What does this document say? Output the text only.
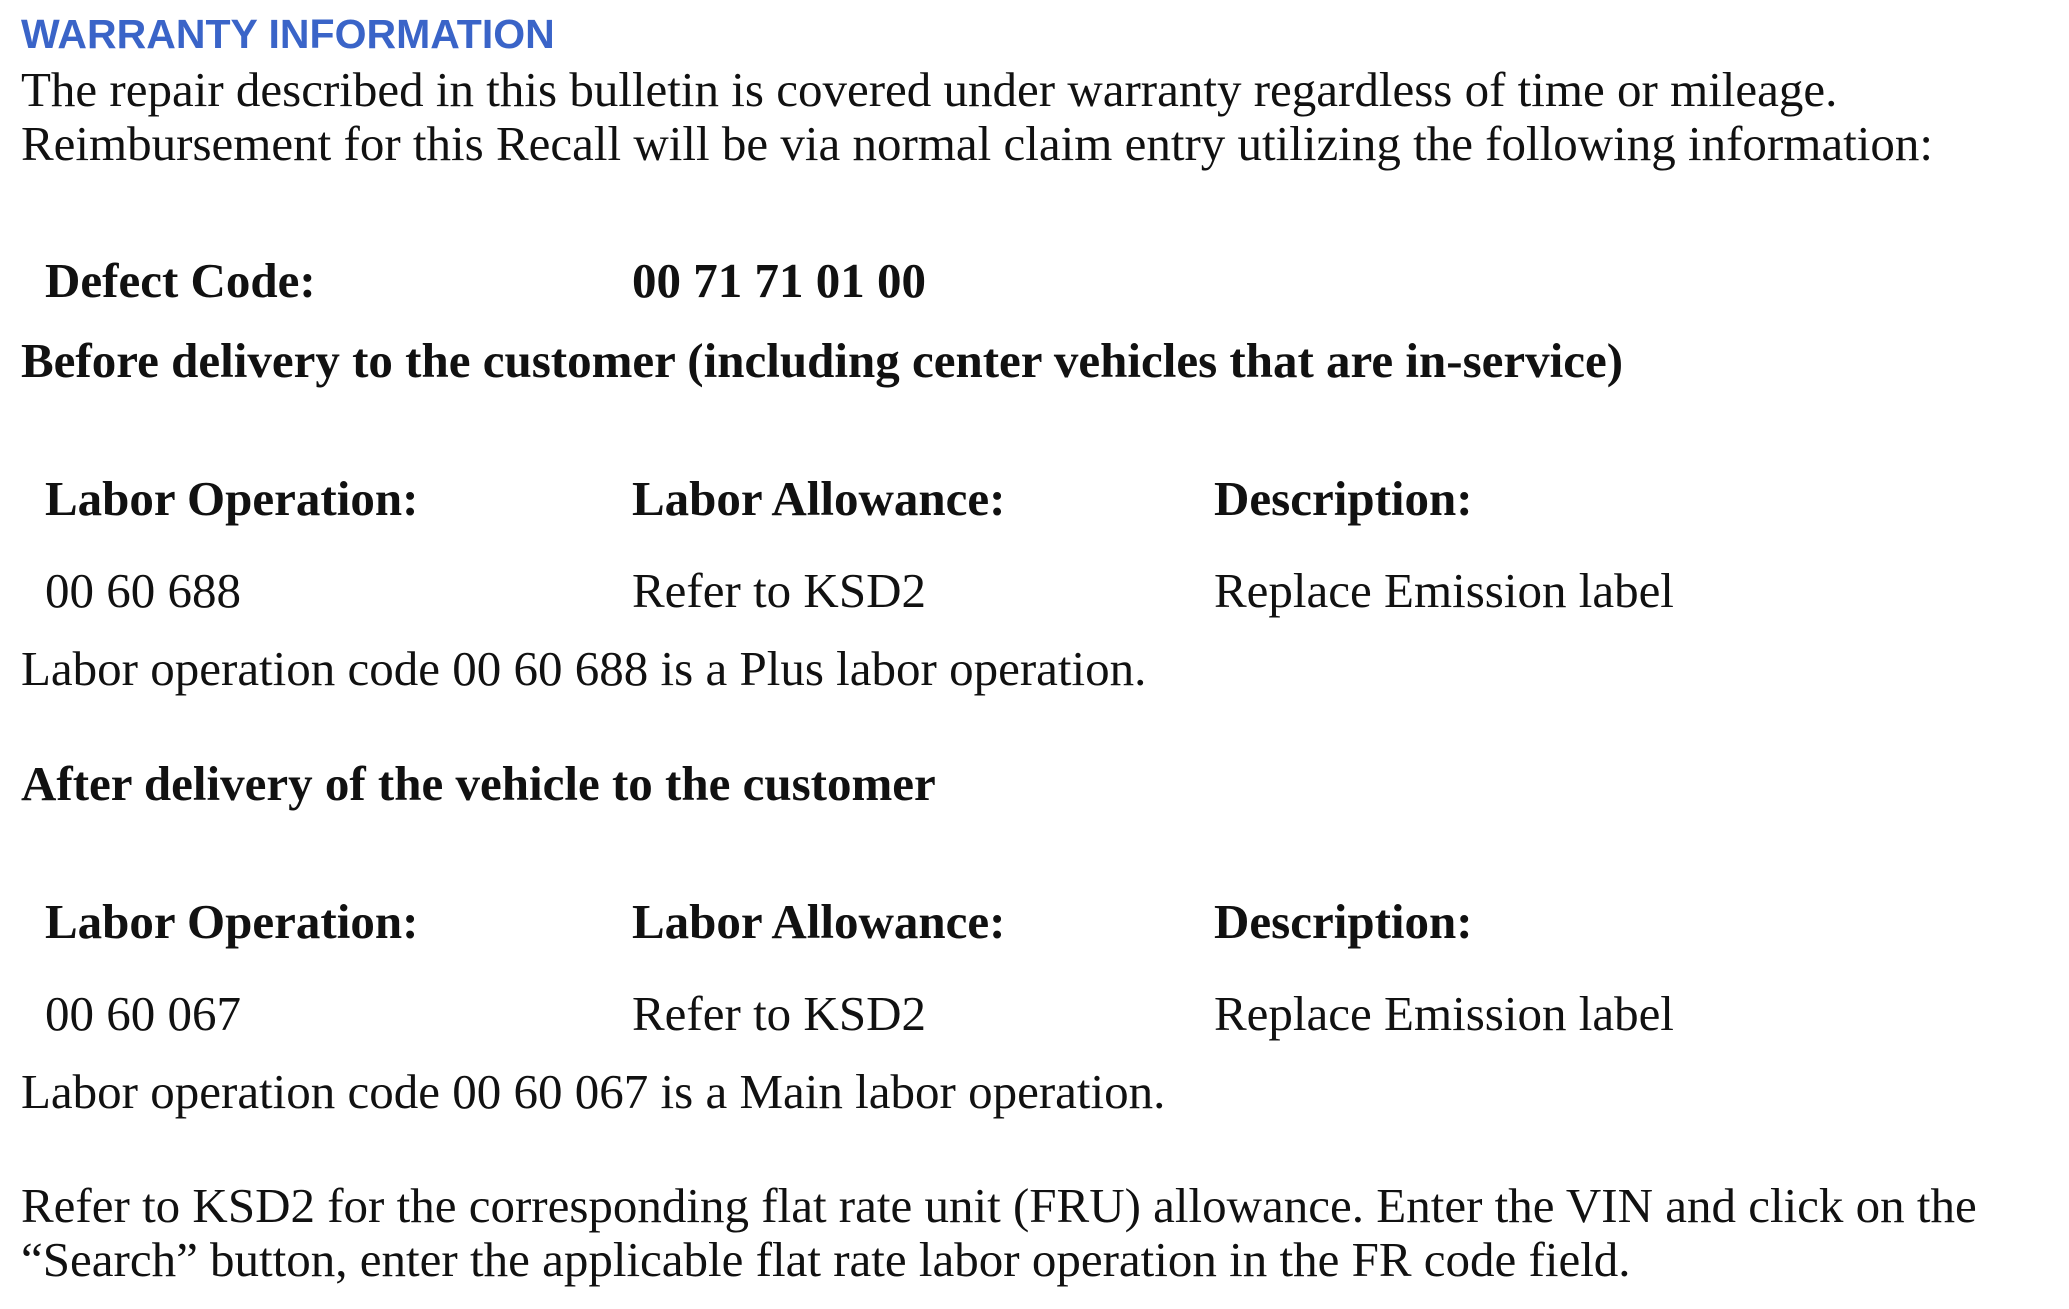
WARRANTY INFORMATION
The repair described in this bulletin is covered under warranty regardless of time or mileage.
Reimbursement for this Recall will be via normal claim entry utilizing the following information:
Defect Code:	00 71 71 01 00
Before delivery to the customer (including center vehicles that are in-service)
Labor Operation:	Labor Allowance:	Description:
00 60 688	Refer to KSD2	Replace Emission label
Labor operation code 00 60 688 is a Plus labor operation.
After delivery of the vehicle to the customer
Labor Operation:	Labor Allowance:	Description:
00 60 067	Refer to KSD2	Replace Emission label
Labor operation code 00 60 067 is a Main labor operation.
Refer to KSD2 for the corresponding flat rate unit (FRU) allowance. Enter the VIN and click on the
“Search” button, enter the applicable flat rate labor operation in the FR code field.
